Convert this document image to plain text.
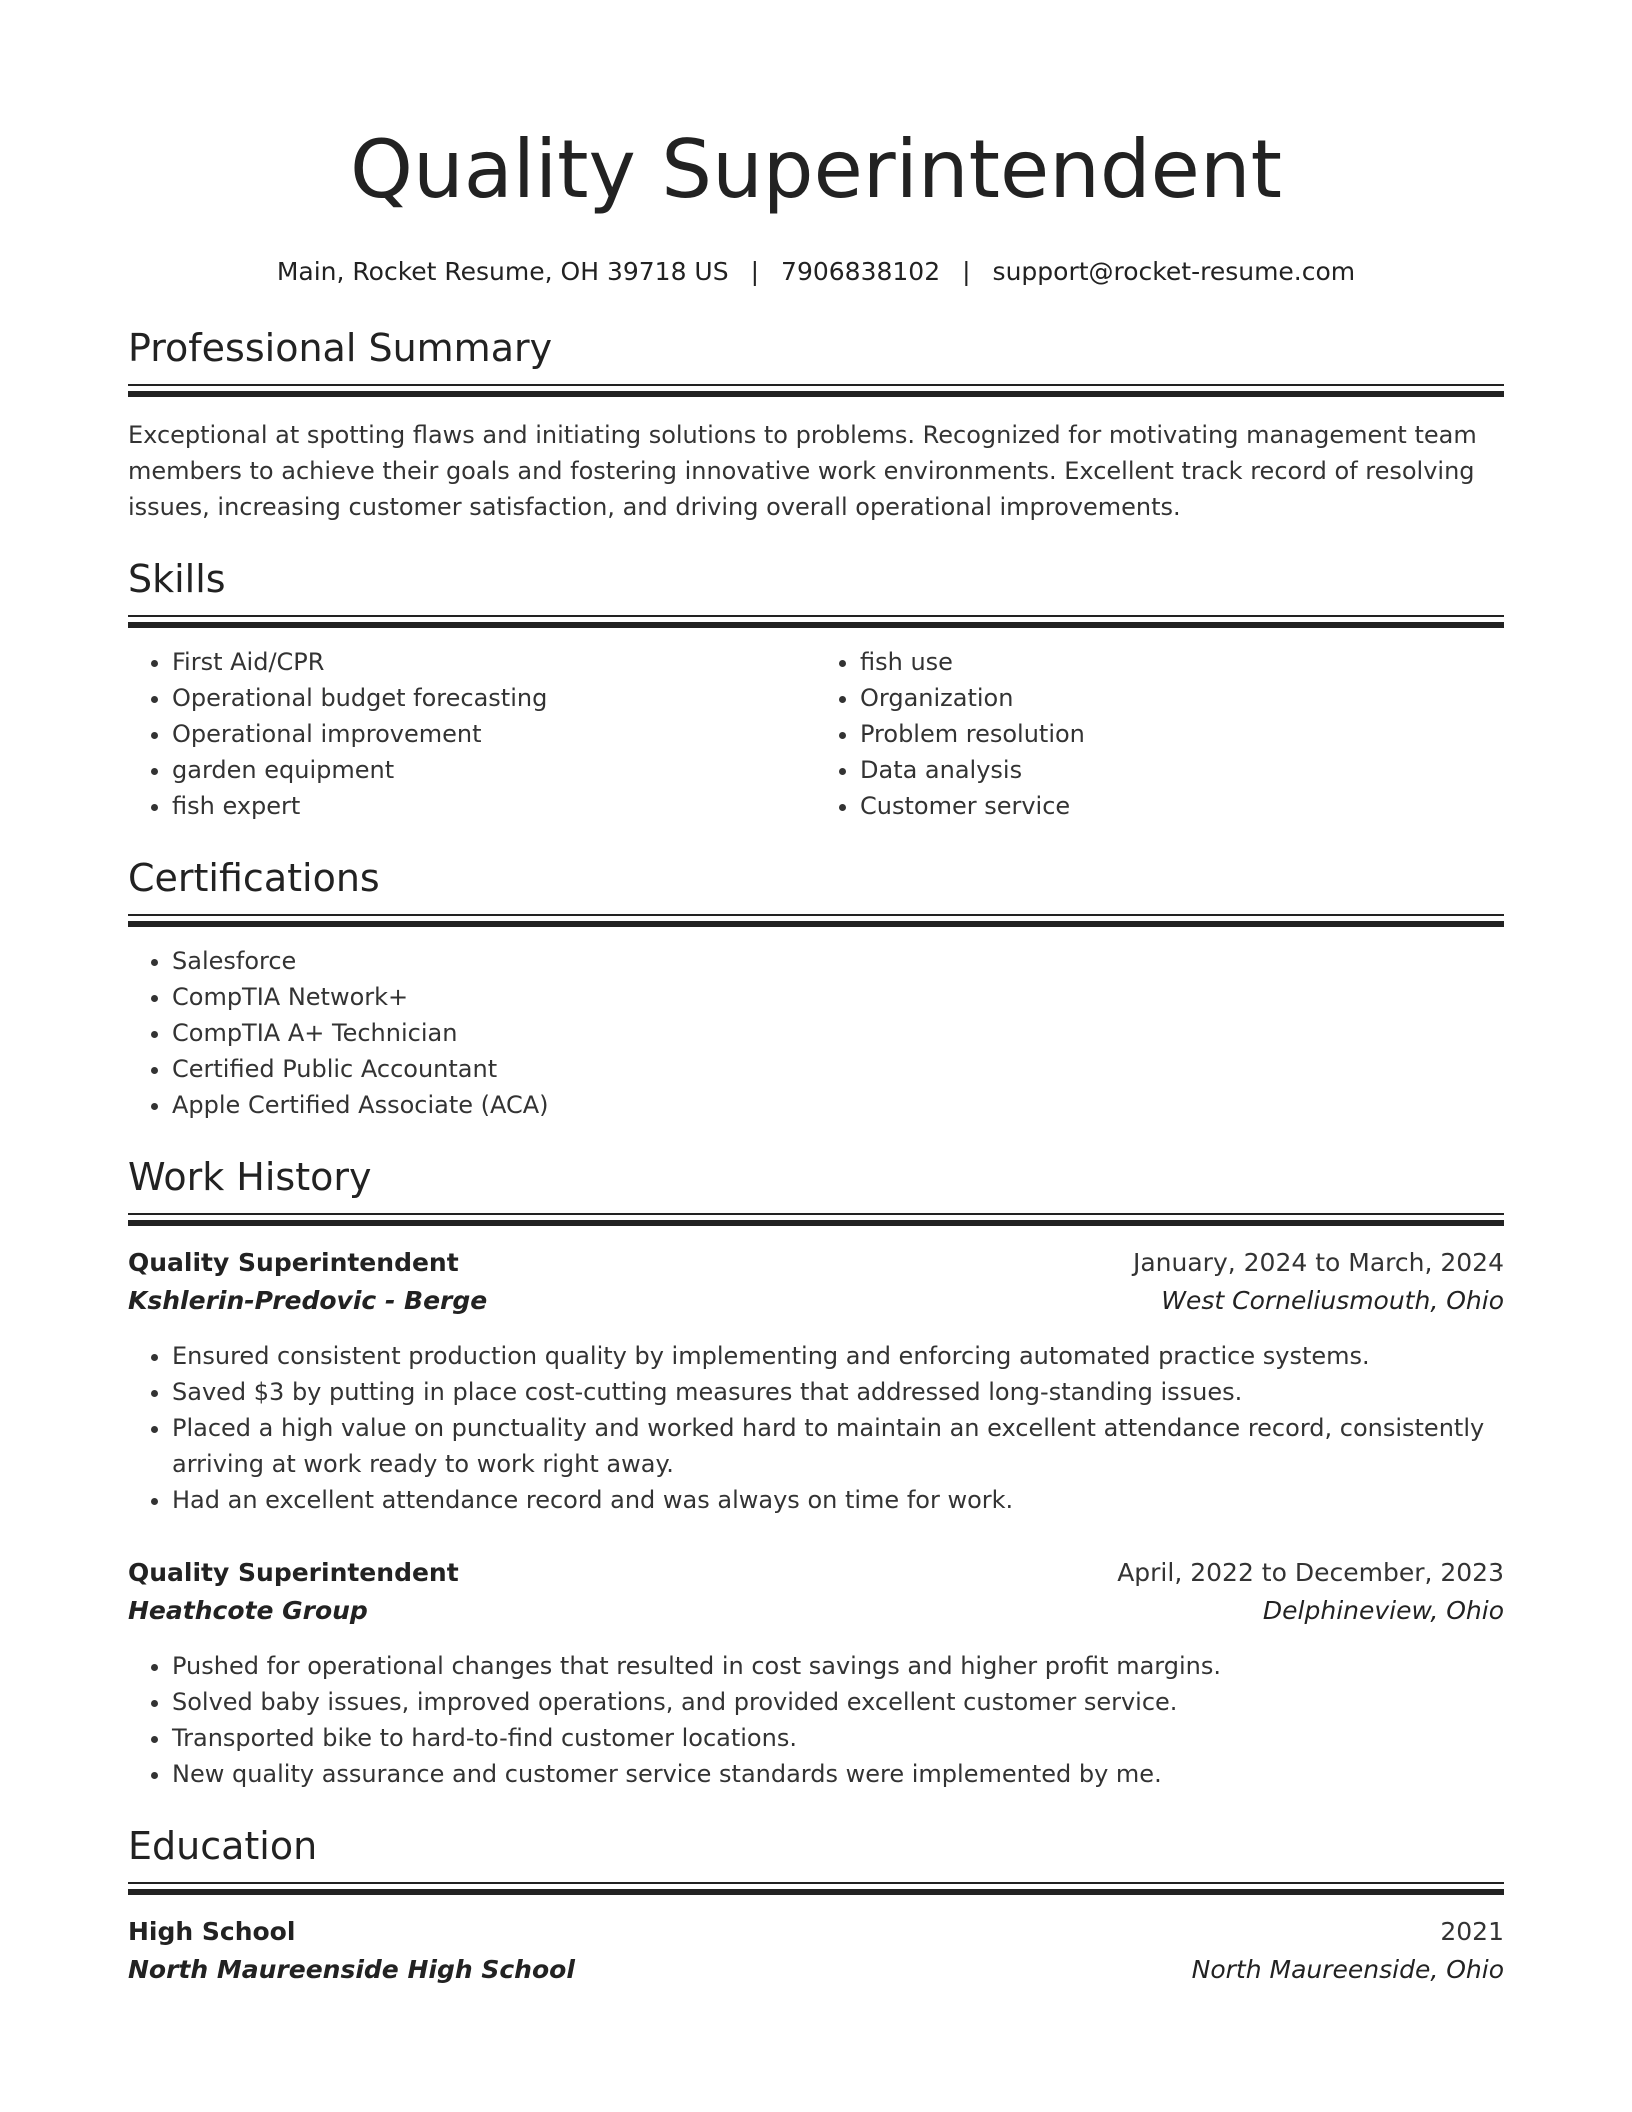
Quality Superintendent
Main, Rocket Resume, OH 39718 US | 7906838102 | support@rocket-resume.com
Professional Summary

Exceptional at spotting flaws and initiating solutions to problems. Recognized for motivating management team members to achieve their goals and fostering innovative work environments. Excellent track record of resolving issues, increasing customer satisfaction, and driving overall operational improvements.

Skills
• First Aid/CPR
• Operational budget forecasting
• Operational improvement
• garden equipment
• fish expert
• fish use
• Organization
• Problem resolution
• Data analysis
• Customer service
Certifications
• Salesforce
• CompTIA Network+
• CompTIA A+ Technician
• Certified Public Accountant
• Apple Certified Associate (ACA)
Work History
Quality Superintendent	January, 2024 to March, 2024
Kshlerin-Predovic - Berge	West Corneliusmouth, Ohio
• Ensured consistent production quality by implementing and enforcing automated practice systems.
• Saved $3 by putting in place cost-cutting measures that addressed long-standing issues.
• Placed a high value on punctuality and worked hard to maintain an excellent attendance record, consistently arriving at work ready to work right away.
• Had an excellent attendance record and was always on time for work.
Quality Superintendent	April, 2022 to December, 2023
Heathcote Group	Delphineview, Ohio
• Pushed for operational changes that resulted in cost savings and higher profit margins.
• Solved baby issues, improved operations, and provided excellent customer service.
• Transported bike to hard-to-find customer locations.
• New quality assurance and customer service standards were implemented by me.
Education
High School	2021
North Maureenside High School	North Maureenside, Ohio
